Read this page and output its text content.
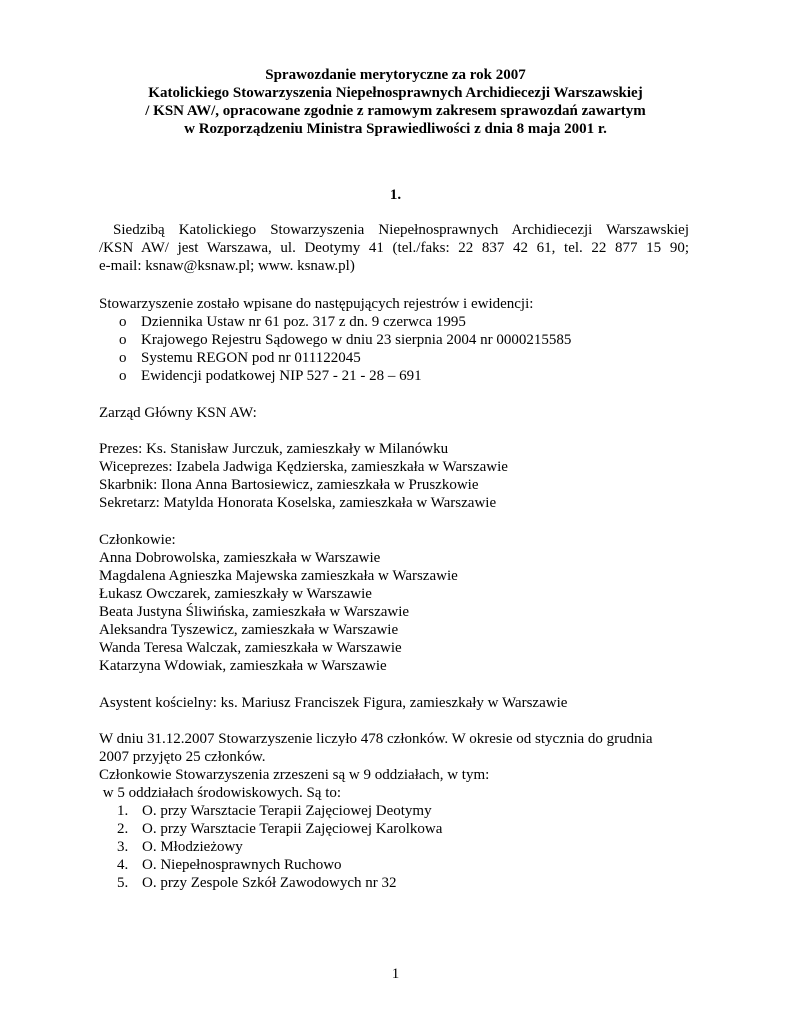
Sprawozdanie merytoryczne za rok 2007
Katolickiego Stowarzyszenia Niepełnosprawnych Archidiecezji Warszawskiej
/ KSN AW/, opracowane zgodnie z ramowym zakresem sprawozdań zawartym
w Rozporządzeniu Ministra Sprawiedliwości z dnia 8 maja 2001 r.
1.
Siedzibą Katolickiego Stowarzyszenia Niepełnosprawnych Archidiecezji Warszawskiej
/KSN AW/ jest Warszawa, ul. Deotymy 41 (tel./faks: 22 837 42 61, tel. 22 877 15 90;
e-mail: ksnaw@ksnaw.pl; www. ksnaw.pl)
Stowarzyszenie zostało wpisane do następujących rejestrów i ewidencji:
o Dziennika Ustaw nr 61 poz. 317 z dn. 9 czerwca 1995
o Krajowego Rejestru Sądowego w dniu 23 sierpnia 2004 nr 0000215585
o Systemu REGON pod nr 011122045
o Ewidencji podatkowej NIP 527 - 21 - 28 – 691
Zarząd Główny KSN AW:
Prezes: Ks. Stanisław Jurczuk, zamieszkały w Milanówku
Wiceprezes: Izabela Jadwiga Kędzierska, zamieszkała w Warszawie
Skarbnik: Ilona Anna Bartosiewicz, zamieszkała w Pruszkowie
Sekretarz: Matylda Honorata Koselska, zamieszkała w Warszawie
Członkowie:
Anna Dobrowolska, zamieszkała w Warszawie
Magdalena Agnieszka Majewska zamieszkała w Warszawie
Łukasz Owczarek, zamieszkały w Warszawie
Beata Justyna Śliwińska, zamieszkała w Warszawie
Aleksandra Tyszewicz, zamieszkała w Warszawie
Wanda Teresa Walczak, zamieszkała w Warszawie
Katarzyna Wdowiak, zamieszkała w Warszawie
Asystent kościelny: ks. Mariusz Franciszek Figura, zamieszkały w Warszawie
W dniu 31.12.2007 Stowarzyszenie liczyło 478 członków. W okresie od stycznia do grudnia
2007 przyjęto 25 członków.
Członkowie Stowarzyszenia zrzeszeni są w 9 oddziałach, w tym:
w 5 oddziałach środowiskowych. Są to:
1. O. przy Warsztacie Terapii Zajęciowej Deotymy
2. O. przy Warsztacie Terapii Zajęciowej Karolkowa
3. O. Młodzieżowy
4. O. Niepełnosprawnych Ruchowo
5. O. przy Zespole Szkół Zawodowych nr 32
1
